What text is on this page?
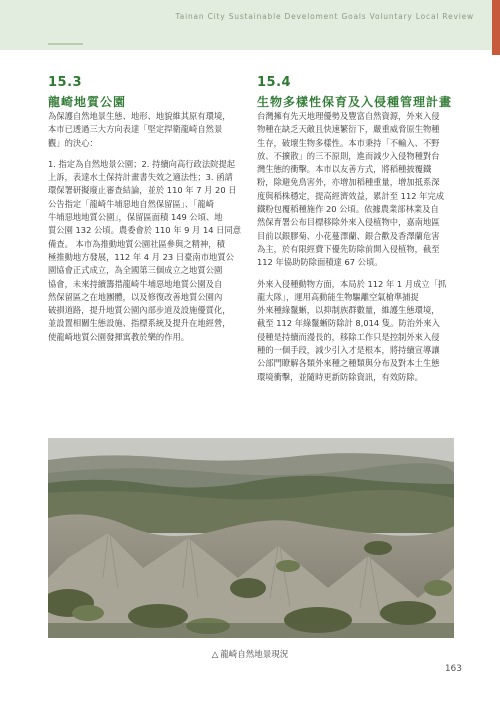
Tainan City Sustainable Develoment Goals Voluntary Local Review
15.3
龍崎地質公園
為保護自然地景生態、地形、地貌維其原有環境，
本市已透過三大方向表達「堅定捍衛龍崎自然景
觀」的決心：
1. 指定為自然地景公園；2. 持續向高行政法院提起
上訴，表達水土保持計畫書失效之適法性；3. 函請
環保署研擬廢止審查結論，並於 110 年 7 月 20 日
公告指定「龍崎牛埔惡地自然保留區」、「龍崎
牛埔惡地地質公園」，保留區面積 149 公頃、地
質公園 132 公頃。農委會於 110 年 9 月 14 日同意
備查。 本市為推動地質公園社區參與之精神，積
極推動地方發展，112 年 4 月 23 日臺南市地質公
園協會正式成立，為全國第三個成立之地質公園
協會，未來持續籌措龍崎牛埔惡地地質公園及自
然保留區之在地團體，以及修復改善地質公園內
破損道路，提升地質公園內部步道及設施優質化，
並設置相關生態設施、指標系統及提升在地經營，
使龍崎地質公園發揮寓教於樂的作用。
15.4
生物多樣性保育及入侵種管理計畫
台灣擁有先天地理優勢及豐富自然資源，外來入侵
物種在缺乏天敵且快速繁衍下，嚴重威脅原生物種
生存，破壞生物多樣性。本市秉持「不輸入、不野
放、不擴散」的三不原則，進而減少入侵物種對台
灣生態的衝擊。本市以友善方式，將稻種披覆鐵
粉，除避免鳥害外，亦增加稻種重量，增加抵系深
度與稻株穩定，提高經濟效益，累計至 112 年完成
鐵粉包覆稻種施作 20 公頃。依據農業部林業及自
然保育署公布目標移除外來入侵植物中，嘉南地區
目前以銀膠菊、小花蔓澤蘭、銀合歡及香澤蘭危害
為主，於有限經費下優先防除前開入侵植物，截至
112 年協助防除面積達 67 公頃。
外來入侵種動物方面，本局於 112 年 1 月成立「抓
龍大隊」，運用高動能生物驅離空氣槍準捕捉
外來種綠鬣蜥，以抑制族群數量，維護生態環境，
截至 112 年綠鬣蜥防除計 8,014 隻。防治外來入
侵種是持續而漫長的，移除工作只是控制外來入侵
種的一個手段，減少引入才是根本，將持續宣導讓
公部門瞭解各類外來種之種類與分布及對本土生態
環境衝擊，並隨時更新防除資訊，有效防除。
△ 龍崎自然地景現況
163
